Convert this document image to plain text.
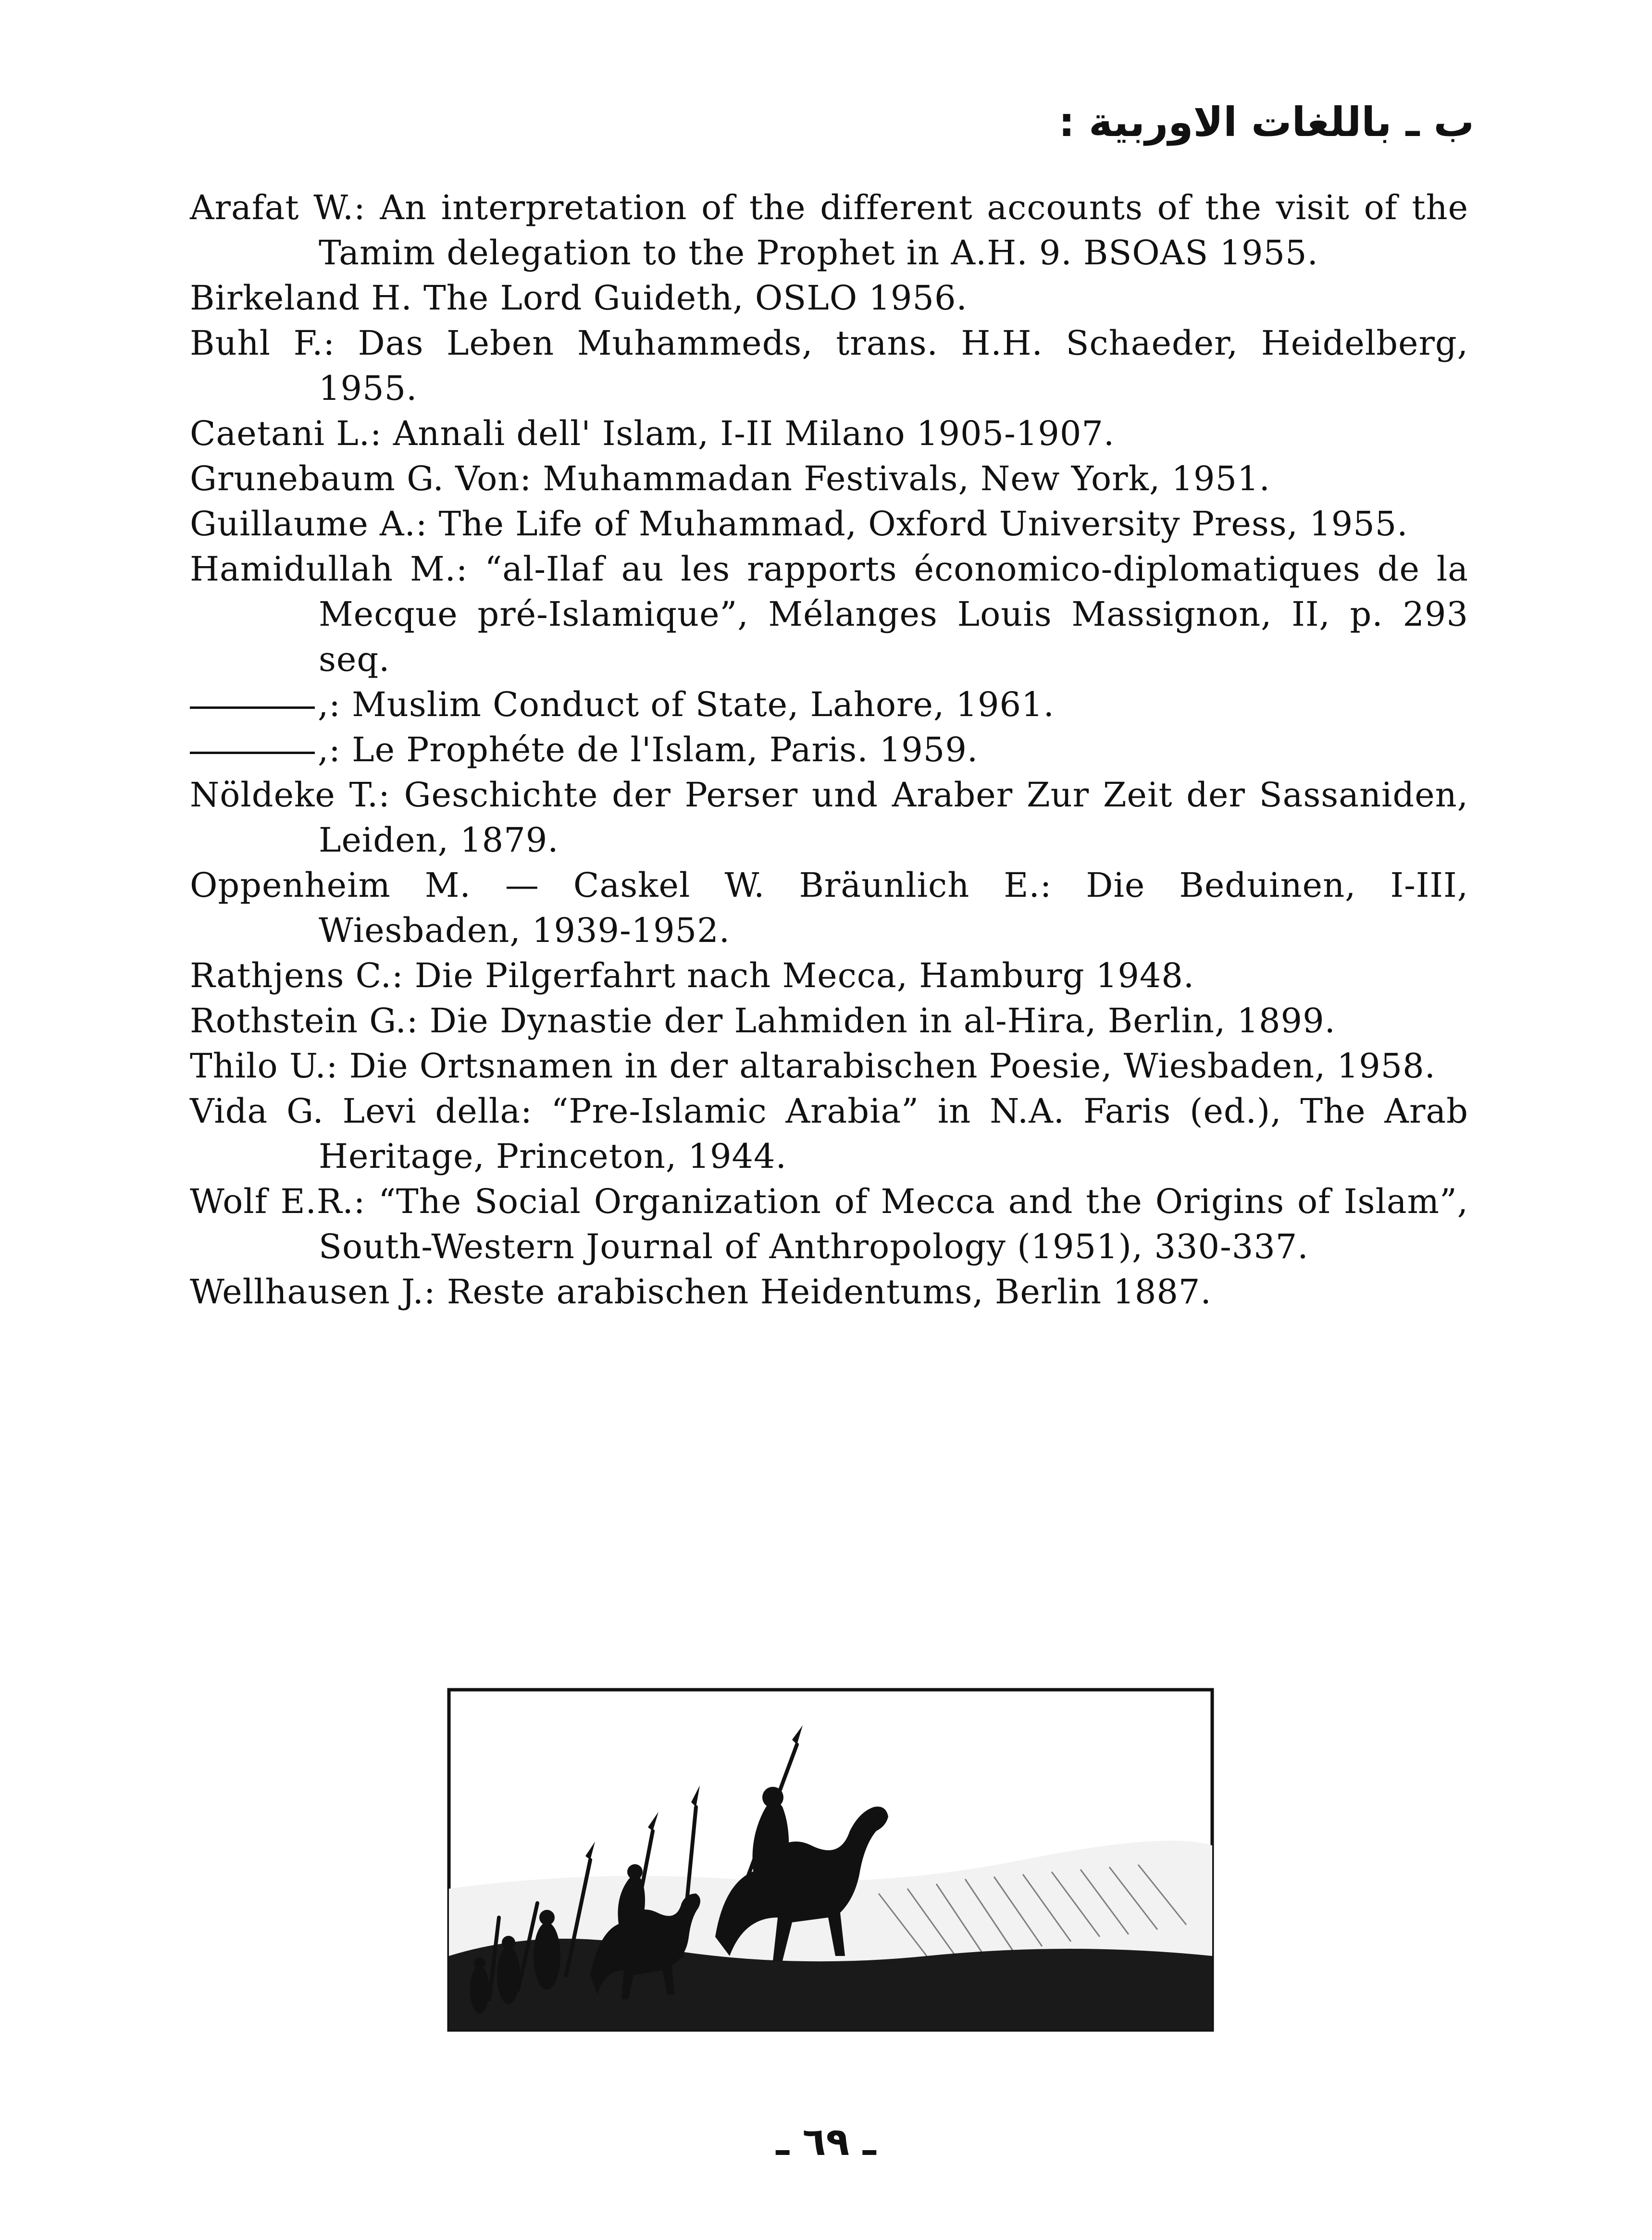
ب ـ باللغات الاوربية :
Arafat W.: An interpretation of the different accounts of the visit of the Tamim delegation to the Prophet in A.H. 9. BSOAS 1955.
Birkeland H. The Lord Guideth, OSLO 1956.
Buhl F.: Das Leben Muhammeds, trans. H.H. Schaeder, Heidelberg, 1955.
Caetani L.: Annali dell' Islam, I-II Milano 1905-1907.
Grunebaum G. Von: Muhammadan Festivals, New York, 1951.
Guillaume A.: The Life of Muhammad, Oxford University Press, 1955.
Hamidullah M.: “al-Ilaf au les rapports économico-diplomatiques de la Mecque pré-Islamique”, Mélanges Louis Massignon, II, p. 293 seq.
,: Muslim Conduct of State, Lahore, 1961.
,: Le Prophéte de l'Islam, Paris. 1959.
Nöldeke T.: Geschichte der Perser und Araber Zur Zeit der Sassaniden, Leiden, 1879.
Oppenheim M. — Caskel W. Bräunlich E.: Die Beduinen, I-III, Wiesbaden, 1939-1952.
Rathjens C.: Die Pilgerfahrt nach Mecca, Hamburg 1948.
Rothstein G.: Die Dynastie der Lahmiden in al-Hira, Berlin, 1899.
Thilo U.: Die Ortsnamen in der altarabischen Poesie, Wiesbaden, 1958.
Vida G. Levi della: “Pre-Islamic Arabia” in N.A. Faris (ed.), The Arab Heritage, Princeton, 1944.
Wolf E.R.: “The Social Organization of Mecca and the Origins of Islam”, South-Western Journal of Anthropology (1951), 330-337.
Wellhausen J.: Reste arabischen Heidentums, Berlin 1887.
ـ ٦٩ ـ
